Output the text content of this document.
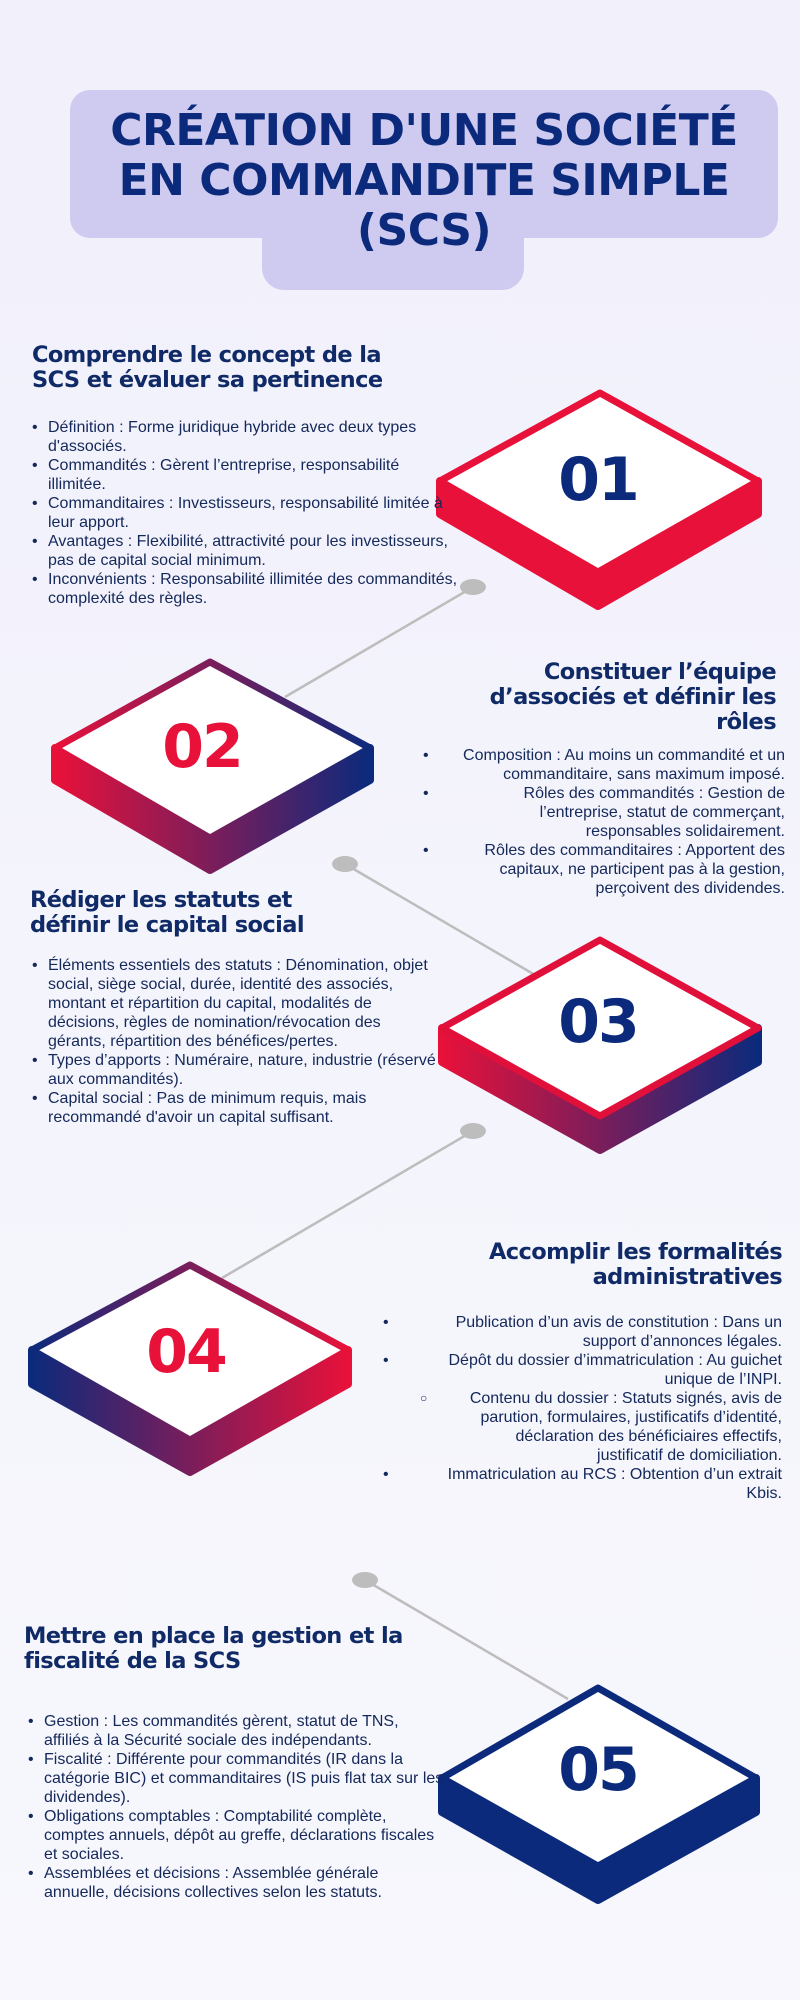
CRÉATION D'UNE SOCIÉTÉ
EN COMMANDITE SIMPLE
(SCS)
01
02
03
04
05
Comprendre le concept de la
SCS et évaluer sa pertinence
• Définition : Forme juridique hybride avec deux types d'associés.
• Commandités : Gèrent l’entreprise, responsabilité illimitée.
• Commanditaires : Investisseurs, responsabilité limitée à leur apport.
• Avantages : Flexibilité, attractivité pour les investisseurs, pas de capital social minimum.
• Inconvénients : Responsabilité illimitée des commandités, complexité des règles.
Constituer l’équipe
d’associés et définir les
rôles
• Composition : Au moins un commandité et un commanditaire, sans maximum imposé.
• Rôles des commandités : Gestion de l’entreprise, statut de commerçant, responsables solidairement.
• Rôles des commanditaires : Apportent des capitaux, ne participent pas à la gestion, perçoivent des dividendes.
Rédiger les statuts et
définir le capital social
• Éléments essentiels des statuts : Dénomination, objet social, siège social, durée, identité des associés, montant et répartition du capital, modalités de décisions, règles de nomination/révocation des gérants, répartition des bénéfices/pertes.
• Types d’apports : Numéraire, nature, industrie (réservé aux commandités).
• Capital social : Pas de minimum requis, mais recommandé d'avoir un capital suffisant.
Accomplir les formalités
administratives
• Publication d’un avis de constitution : Dans un support d’annonces légales.
• Dépôt du dossier d’immatriculation : Au guichet unique de l’INPI.
○ Contenu du dossier : Statuts signés, avis de parution, formulaires, justificatifs d’identité, déclaration des bénéficiaires effectifs, justificatif de domiciliation.
• Immatriculation au RCS : Obtention d’un extrait Kbis.
Mettre en place la gestion et la
fiscalité de la SCS
• Gestion : Les commandités gèrent, statut de TNS, affiliés à la Sécurité sociale des indépendants.
• Fiscalité : Différente pour commandités (IR dans la catégorie BIC) et commanditaires (IS puis flat tax sur les dividendes).
• Obligations comptables : Comptabilité complète, comptes annuels, dépôt au greffe, déclarations fiscales et sociales.
• Assemblées et décisions : Assemblée générale annuelle, décisions collectives selon les statuts.
